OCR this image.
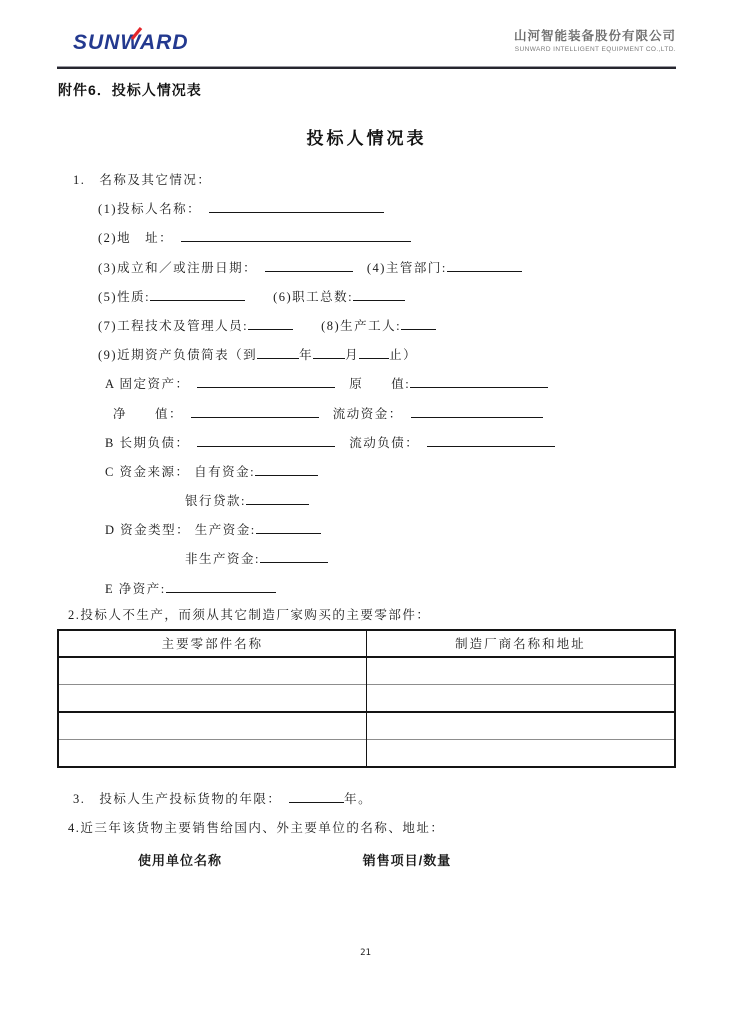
SUNWARD	山河智能装备股份有限公司
SUNWARD INTELLIGENT EQUIPMENT CO.,LTD.
附件6．投标人情况表
投标人情况表
1.　名称及其它情况：
(1)投标人名称：　
(2)地　址：　
(3)成立和／或注册日期：　	　(4)主管部门:
(5)性质:	　　(6)职工总数:
(7)工程技术及管理人员:	　　(8)生产工人:
(9)近期资产负债简表（到	年	月 止）
A 固定资产：　	　原　　值:
净　　值：　	　流动资金：　
B 长期负债：　	　流动负债：　
C 资金来源： 自有资金:
银行贷款:
D 资金类型： 生产资金:
非生产资金:
E 净资产:
2.投标人不生产，而须从其它制造厂家购买的主要零部件：
主要零部件名称	制造厂商名称和地址

3.　投标人生产投标货物的年限：　	年。
4.近三年该货物主要销售给国内、外主要单位的名称、地址：
使用单位名称	销售项目/数量
21
